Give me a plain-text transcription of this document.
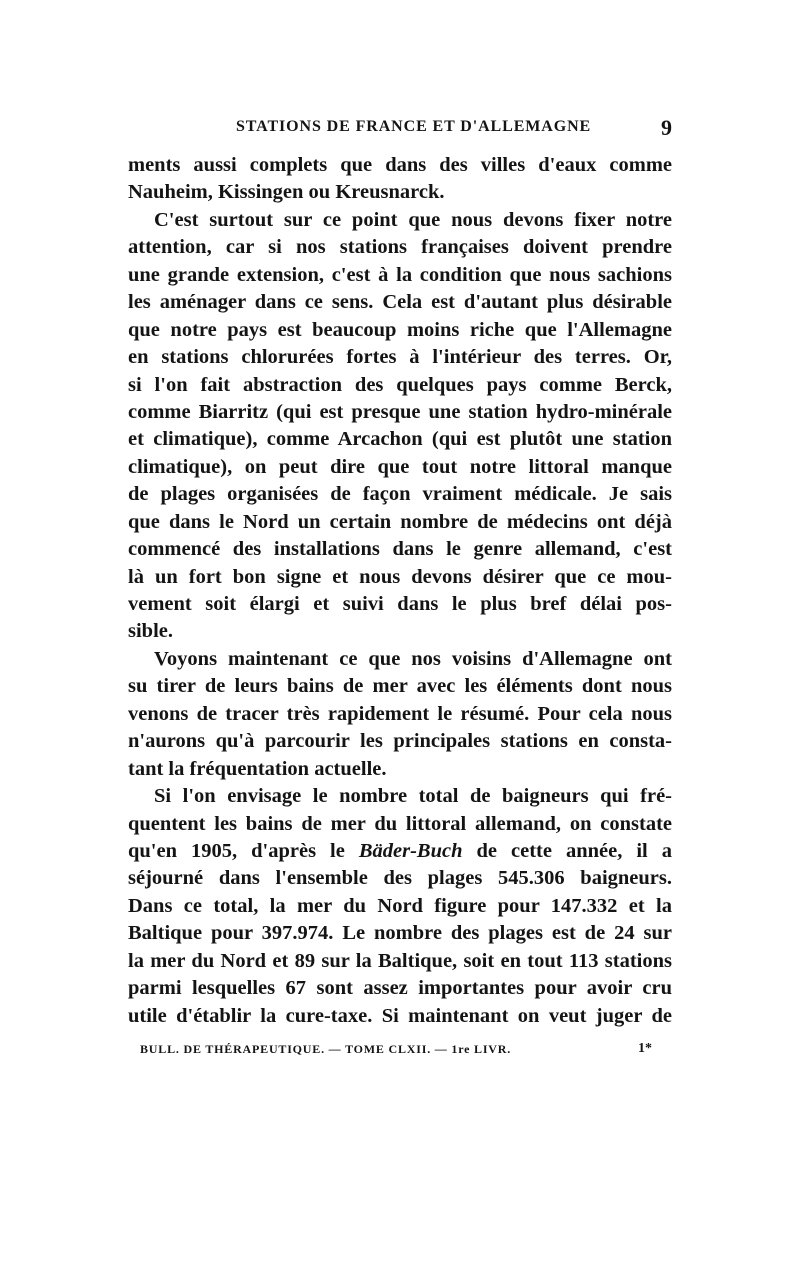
STATIONS DE FRANCE ET D'ALLEMAGNE	9
ments aussi complets que dans des villes d'eaux comme
Nauheim, Kissingen ou Kreusnarck.
C'est surtout sur ce point que nous devons fixer notre
attention, car si nos stations françaises doivent prendre
une grande extension, c'est à la condition que nous sachions
les aménager dans ce sens. Cela est d'autant plus désirable
que notre pays est beaucoup moins riche que l'Allemagne
en stations chlorurées fortes à l'intérieur des terres. Or,
si l'on fait abstraction des quelques pays comme Berck,
comme Biarritz (qui est presque une station hydro-minérale
et climatique), comme Arcachon (qui est plutôt une station
climatique), on peut dire que tout notre littoral manque
de plages organisées de façon vraiment médicale. Je sais
que dans le Nord un certain nombre de médecins ont déjà
commencé des installations dans le genre allemand, c'est
là un fort bon signe et nous devons désirer que ce mou-
vement soit élargi et suivi dans le plus bref délai pos-
sible.
Voyons maintenant ce que nos voisins d'Allemagne ont
su tirer de leurs bains de mer avec les éléments dont nous
venons de tracer très rapidement le résumé. Pour cela nous
n'aurons qu'à parcourir les principales stations en consta-
tant la fréquentation actuelle.
Si l'on envisage le nombre total de baigneurs qui fré-
quentent les bains de mer du littoral allemand, on constate
qu'en 1905, d'après le Bäder-Buch de cette année, il a
séjourné dans l'ensemble des plages 545.306 baigneurs.
Dans ce total, la mer du Nord figure pour 147.332 et la
Baltique pour 397.974. Le nombre des plages est de 24 sur
la mer du Nord et 89 sur la Baltique, soit en tout 113 stations
parmi lesquelles 67 sont assez importantes pour avoir cru
utile d'établir la cure-taxe. Si maintenant on veut juger de
BULL. DE THÉRAPEUTIQUE. — TOME CLXII. — 1re LIVR.	1*
